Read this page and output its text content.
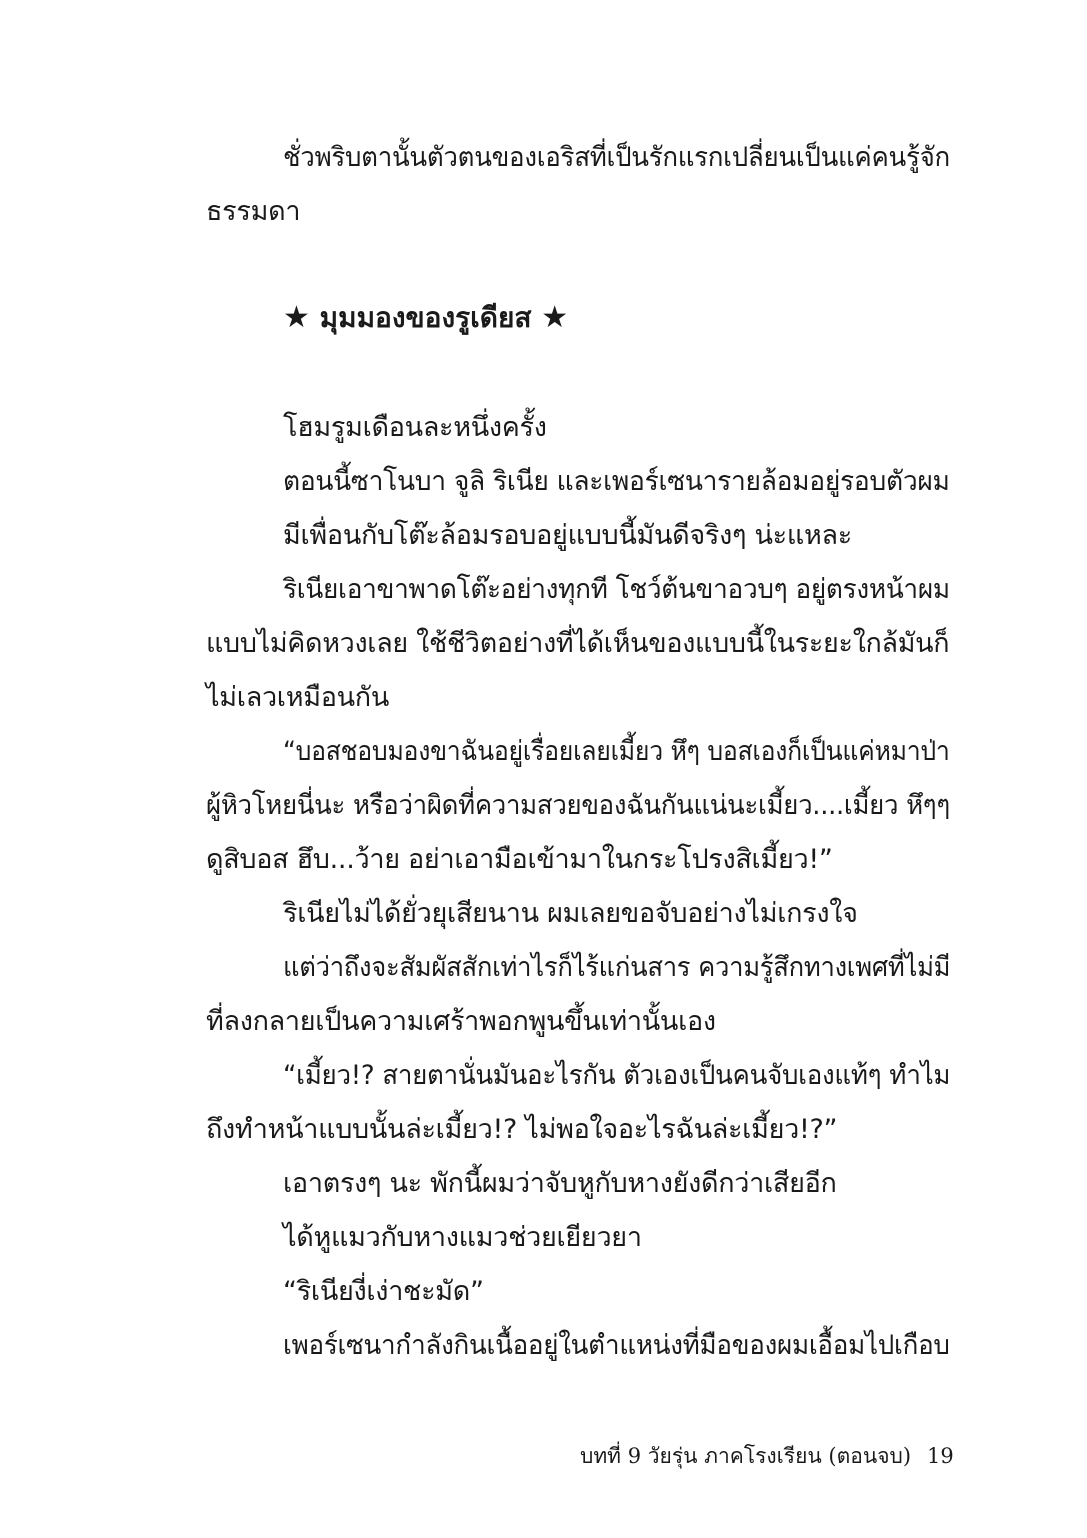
ชั่วพริบตานั้นตัวตนของเอริสที่เป็นรักแรกเปลี่ยนเป็นแค่คนรู้จัก
ธรรมดา
★ มุมมองของรูเดียส ★
โฮมรูมเดือนละหนึ่งครั้ง
ตอนนี้ซาโนบา จูลิ ริเนีย และเพอร์เซนารายล้อมอยู่รอบตัวผม
มีเพื่อนกับโต๊ะล้อมรอบอยู่แบบนี้มันดีจริงๆ น่ะแหละ
ริเนียเอาขาพาดโต๊ะอย่างทุกที โชว์ต้นขาอวบๆ อยู่ตรงหน้าผม
แบบไม่คิดหวงเลย ใช้ชีวิตอย่างที่ได้เห็นของแบบนี้ในระยะใกล้มันก็
ไม่เลวเหมือนกัน
“บอสชอบมองขาฉันอยู่เรื่อยเลยเมี้ยว หึๆ บอสเองก็เป็นแค่หมาป่า
ผู้หิวโหยนี่นะ หรือว่าผิดที่ความสวยของฉันกันแน่นะเมี้ยว....เมี้ยว หึๆๆ
ดูสิบอส ฮึบ...ว้าย อย่าเอามือเข้ามาในกระโปรงสิเมี้ยว!”
ริเนียไม่ได้ยั่วยุเสียนาน ผมเลยขอจับอย่างไม่เกรงใจ
แต่ว่าถึงจะสัมผัสสักเท่าไรก็ไร้แก่นสาร ความรู้สึกทางเพศที่ไม่มี
ที่ลงกลายเป็นความเศร้าพอกพูนขึ้นเท่านั้นเอง
“เมี้ยว!? สายตานั่นมันอะไรกัน ตัวเองเป็นคนจับเองแท้ๆ ทำไม
ถึงทำหน้าแบบนั้นล่ะเมี้ยว!? ไม่พอใจอะไรฉันล่ะเมี้ยว!?”
เอาตรงๆ นะ พักนี้ผมว่าจับหูกับหางยังดีกว่าเสียอีก
ได้หูแมวกับหางแมวช่วยเยียวยา
“ริเนียงี่เง่าชะมัด”
เพอร์เซนากำลังกินเนื้ออยู่ในตำแหน่งที่มือของผมเอื้อมไปเกือบ
บทที่ 9 วัยรุ่น ภาคโรงเรียน (ตอนจบ) 19
